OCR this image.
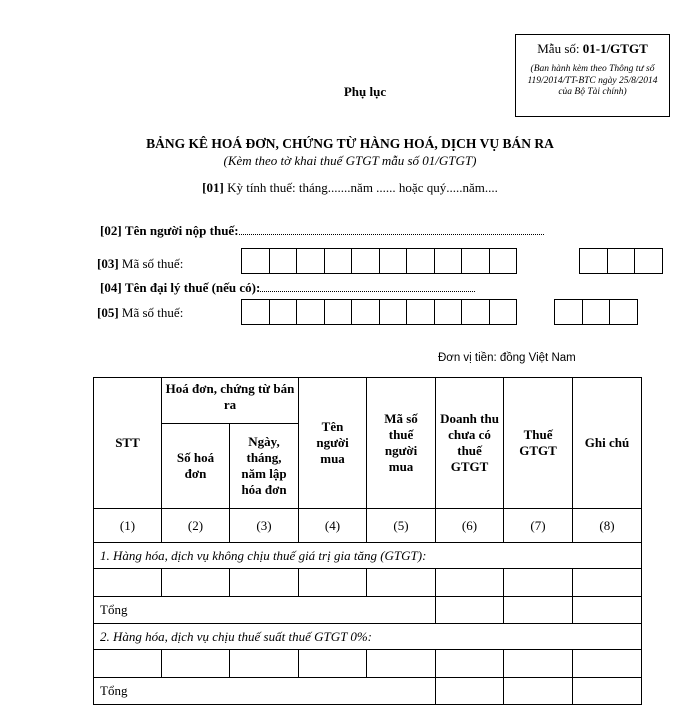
Mẫu số: 01-1/GTGT
(Ban hành kèm theo Thông tư số 119/2014/TT-BTC ngày 25/8/2014 của Bộ Tài chính)
Phụ lục
BẢNG KÊ HOÁ ĐƠN, CHỨNG TỪ HÀNG HOÁ, DỊCH VỤ BÁN RA
(Kèm theo tờ khai thuế GTGT mẫu số 01/GTGT)
[01] Kỳ tính thuế: tháng.......năm ...... hoặc quý.....năm....
[02] Tên người nộp thuế:
[03] Mã số thuế:
[04] Tên đại lý thuế (nếu có):
[05] Mã số thuế:
Đơn vị tiền: đồng Việt Nam
STT	Hoá đơn, chứng từ bán ra		Tên người mua	Mã số thuế người mua	Doanh thu chưa có thuế GTGT	Thuế GTGT	Ghi chú
	Số hoá đơn	Ngày, tháng, năm lập hóa đơn					
(1)	(2)	(3)	(4)	(5)	(6)	(7)	(8)
1. Hàng hóa, dịch vụ không chịu thuế giá trị gia tăng (GTGT):							

Tổng							
2. Hàng hóa, dịch vụ chịu thuế suất thuế GTGT 0%:							

Tổng							
